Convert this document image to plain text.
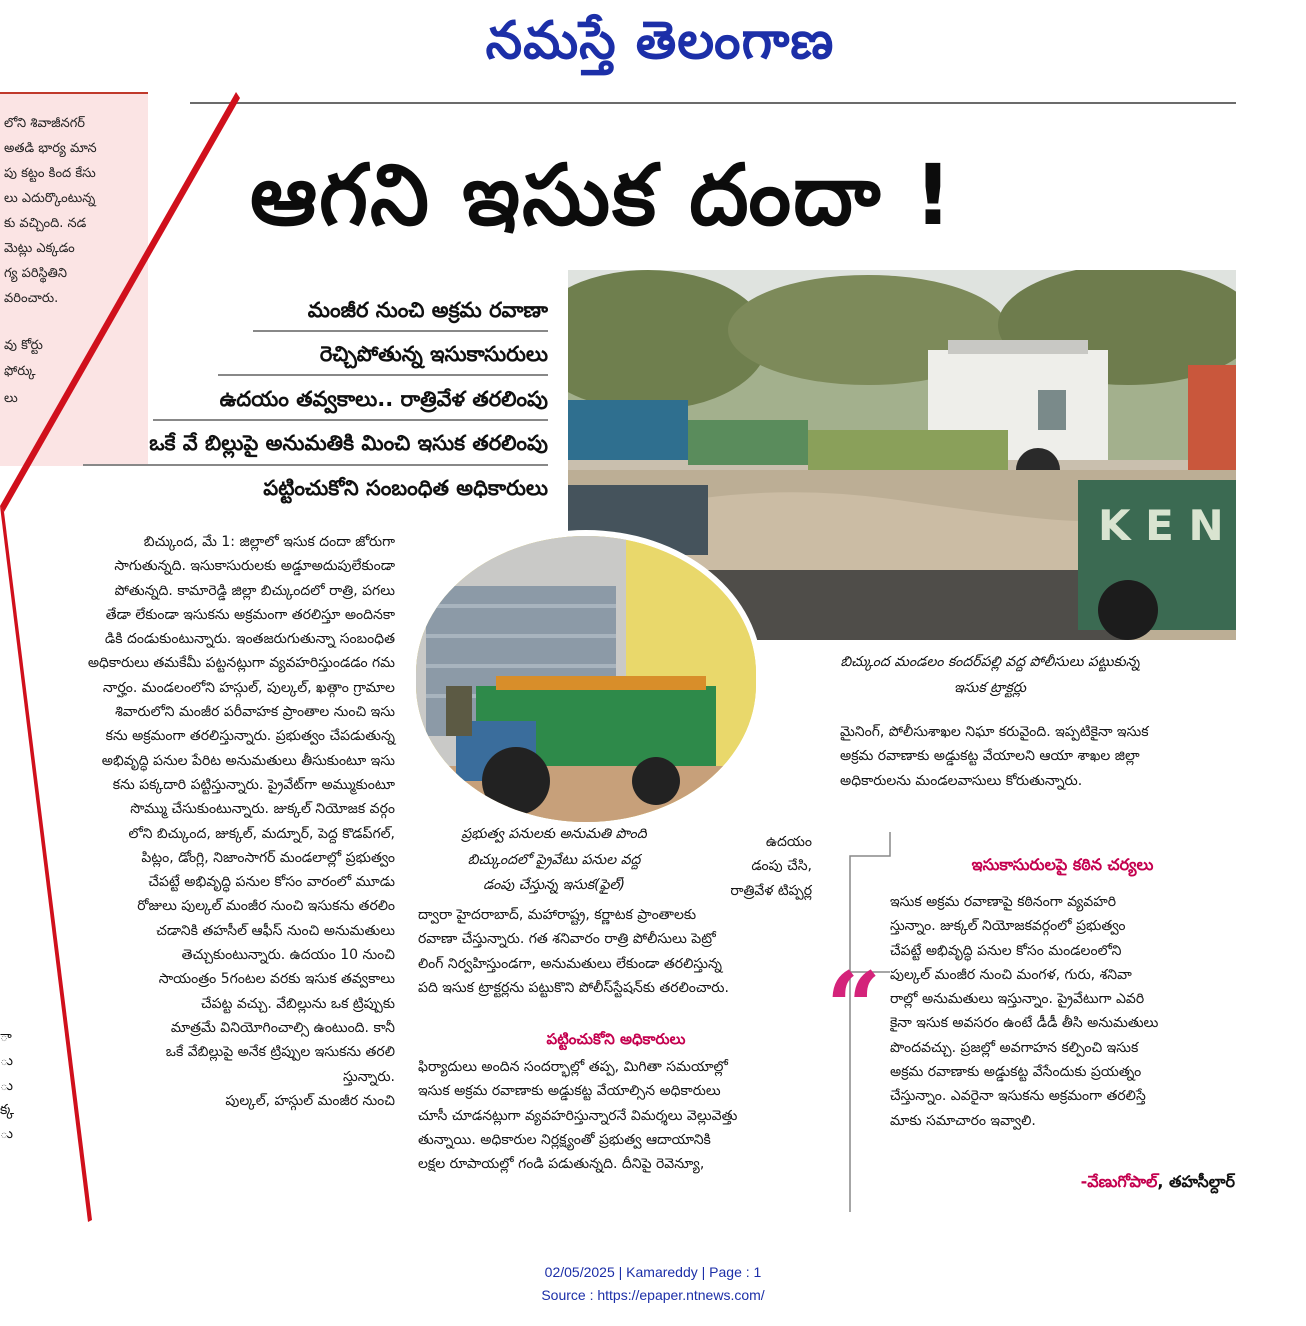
నమస్తే తెలంగాణ
లోని శివాజీనగర్
అతడి భార్య మాన
పు కట్టం కింద కేసు
లు ఎదుర్కొంటున్న
కు వచ్చింది. నడ
మెట్లు ఎక్కడం
గ్య పరిస్థితిని
వరించారు.
వు కోర్టు
ఫోర్కు
లు
ా
ు
ు
క్క
ు
ఆగని ఇసుక దందా !
మంజీర నుంచి అక్రమ రవాణా
రెచ్చిపోతున్న ఇసుకాసురులు
ఉదయం తవ్వకాలు.. రాత్రివేళ తరలింపు
ఒకే వే బిల్లుపై అనుమతికి మించి ఇసుక తరలింపు
పట్టించుకోని సంబంధిత అధికారులు
K E N
బిచ్కుంద మండలం కందర్‌పల్లి వద్ద పోలీసులు పట్టుకున్న
ఇసుక ట్రాక్టర్లు
ప్రభుత్వ పనులకు అనుమతి పొంది
బిచ్కుందలో ప్రైవేటు పనుల వద్ద
డంపు చేస్తున్న ఇసుక(ఫైల్)

బిచ్కుంద, మే 1: జిల్లాలో ఇసుక దందా జోరుగా

సాగుతున్నది. ఇసుకాసురులకు అడ్డూఅదుపులేకుండా

పోతున్నది. కామారెడ్డి జిల్లా బిచ్కుందలో రాత్రి, పగలు

తేడా లేకుండా ఇసుకను అక్రమంగా తరలిస్తూ అందినకా

డికి దండుకుంటున్నారు. ఇంతజరుగుతున్నా సంబంధిత

అధికారులు తమకేమీ పట్టనట్లుగా వ్యవహరిస్తుండడం గమ

నార్హం. మండలంలోని హస్గుల్, పుల్కల్, ఖత్గాం గ్రామాల

శివారులోని మంజీర పరీవాహక ప్రాంతాల నుంచి ఇసు

కను అక్రమంగా తరలిస్తున్నారు. ప్రభుత్వం చేపడుతున్న

అభివృద్ధి పనుల పేరిట అనుమతులు తీసుకుంటూ ఇసు

కను పక్కదారి పట్టిస్తున్నారు. ప్రైవేట్‌గా అమ్ముకుంటూ

సొమ్ము చేసుకుంటున్నారు. జుక్కల్ నియోజక వర్గం

లోని బిచ్కుంద, జుక్కల్, మద్నూర్, పెద్ద కొడప్‌గల్,

పిట్లం, డోంగ్లి, నిజాంసాగర్ మండలాల్లో ప్రభుత్వం

చేపట్టే అభివృద్ధి పనుల కోసం వారంలో మూడు

రోజులు పుల్కల్ మంజీర నుంచి ఇసుకను తరలిం

చడానికి తహసీల్ ఆఫీస్ నుంచి అనుమతులు

తెచ్చుకుంటున్నారు. ఉదయం 10 నుంచి

సాయంత్రం 5గంటల వరకు ఇసుక తవ్వకాలు

చేపట్ట వచ్చు. వేబిల్లును ఒక ట్రిప్పుకు

మాత్రమే వినియోగించాల్సి ఉంటుంది. కానీ

ఒకే వేబిల్లుపై అనేక ట్రిప్పుల ఇసుకను తరలి

స్తున్నారు.

పుల్కల్, హస్గుల్ మంజీర నుంచి

ఉదయం

డంపు చేసి,

రాత్రివేళ టిప్పర్ల

ద్వారా హైదరాబాద్, మహారాష్ట్ర, కర్ణాటక ప్రాంతాలకు

రవాణా చేస్తున్నారు. గత శనివారం రాత్రి పోలీసులు పెట్రో

లింగ్ నిర్వహిస్తుండగా, అనుమతులు లేకుండా తరలిస్తున్న

పది ఇసుక ట్రాక్టర్లను పట్టుకొని పోలీస్‌స్టేషన్‌కు తరలించారు.

పట్టించుకోని అధికారులు

ఫిర్యాదులు అందిన సందర్భాల్లో తప్ప, మిగితా సమయాల్లో

ఇసుక అక్రమ రవాణాకు అడ్డుకట్ట వేయాల్సిన అధికారులు

చూసీ చూడనట్లుగా వ్యవహరిస్తున్నారనే విమర్శలు వెల్లువెత్తు

తున్నాయి. అధికారుల నిర్లక్ష్యంతో ప్రభుత్వ ఆదాయానికి

లక్షల రూపాయల్లో గండి పడుతున్నది. దీనిపై రెవెన్యూ,

మైనింగ్, పోలీసుశాఖల నిఘా కరువైంది. ఇప్పటికైనా ఇసుక

అక్రమ రవాణాకు అడ్డుకట్ట వేయాలని ఆయా శాఖల జిల్లా

అధికారులను మండలవాసులు కోరుతున్నారు.

“
ఇసుకాసురులపై కఠిన చర్యలు

ఇసుక అక్రమ రవాణాపై కఠినంగా వ్యవహరి

స్తున్నాం. జుక్కల్ నియోజకవర్గంలో ప్రభుత్వం

చేపట్టే అభివృద్ధి పనుల కోసం మండలంలోని

పుల్కల్ మంజీర నుంచి మంగళ, గురు, శనివా

రాల్లో అనుమతులు ఇస్తున్నాం. ప్రైవేటుగా ఎవరి

కైనా ఇసుక అవసరం ఉంటే డీడీ తీసి అనుమతులు

పొందవచ్చు. ప్రజల్లో అవగాహన కల్పించి ఇసుక

అక్రమ రవాణాకు అడ్డుకట్ట వేసేందుకు ప్రయత్నం

చేస్తున్నాం. ఎవరైనా ఇసుకను అక్రమంగా తరలిస్తే

మాకు సమాచారం ఇవ్వాలి.

-వేణుగోపాల్, తహసీల్దార్
02/05/2025 | Kamareddy | Page : 1
Source : https://epaper.ntnews.com/
